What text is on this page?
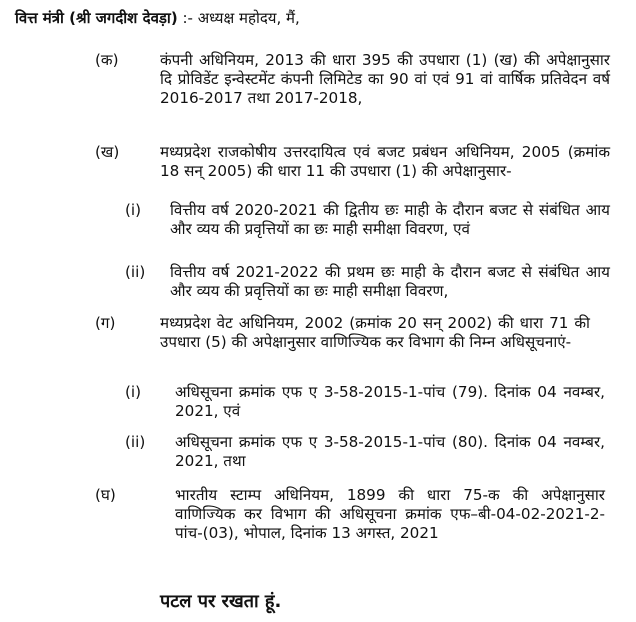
वित्त मंत्री (श्री जगदीश देवड़ा) :- अध्यक्ष महोदय, मैं,
(क)	कंपनी अधिनियम, 2013 की धारा 395 की उपधारा (1) (ख) की अपेक्षानुसार दि प्रोविडेंट इन्वेस्टमेंट कंपनी लिमिटेड का 90 वां एवं 91 वां वार्षिक प्रतिवेदन वर्ष 2016-2017 तथा 2017-2018,
(ख)	मध्यप्रदेश राजकोषीय उत्तरदायित्व एवं बजट प्रबंधन अधिनियम, 2005 (क्रमांक 18 सन् 2005) की धारा 11 की उपधारा (1) की अपेक्षानुसार-
(i)	वित्तीय वर्ष 2020-2021 की द्वितीय छः माही के दौरान बजट से संबंधित आय और व्यय की प्रवृत्तियों का छः माही समीक्षा विवरण, एवं
(ii)	वित्तीय वर्ष 2021-2022 की प्रथम छः माही के दौरान बजट से संबंधित आय और व्यय की प्रवृत्तियों का छः माही समीक्षा विवरण,
(ग)	मध्यप्रदेश वेट अधिनियम, 2002 (क्रमांक 20 सन् 2002) की धारा 71 की उपधारा (5) की अपेक्षानुसार वाणिज्यिक कर विभाग की निम्न अधिसूचनाएं-
(i)	अधिसूचना क्रमांक एफ ए 3-58-2015-1-पांच (79). दिनांक 04 नवम्बर, 2021, एवं
(ii)	अधिसूचना क्रमांक एफ ए 3-58-2015-1-पांच (80). दिनांक 04 नवम्बर, 2021, तथा
(घ)	भारतीय स्टाम्प अधिनियम, 1899 की धारा 75-क की अपेक्षानुसार वाणिज्यिक कर विभाग की अधिसूचना क्रमांक एफ–बी-04-02-2021-2-पांच-(03), भोपाल, दिनांक 13 अगस्त, 2021
पटल पर रखता हूं.
